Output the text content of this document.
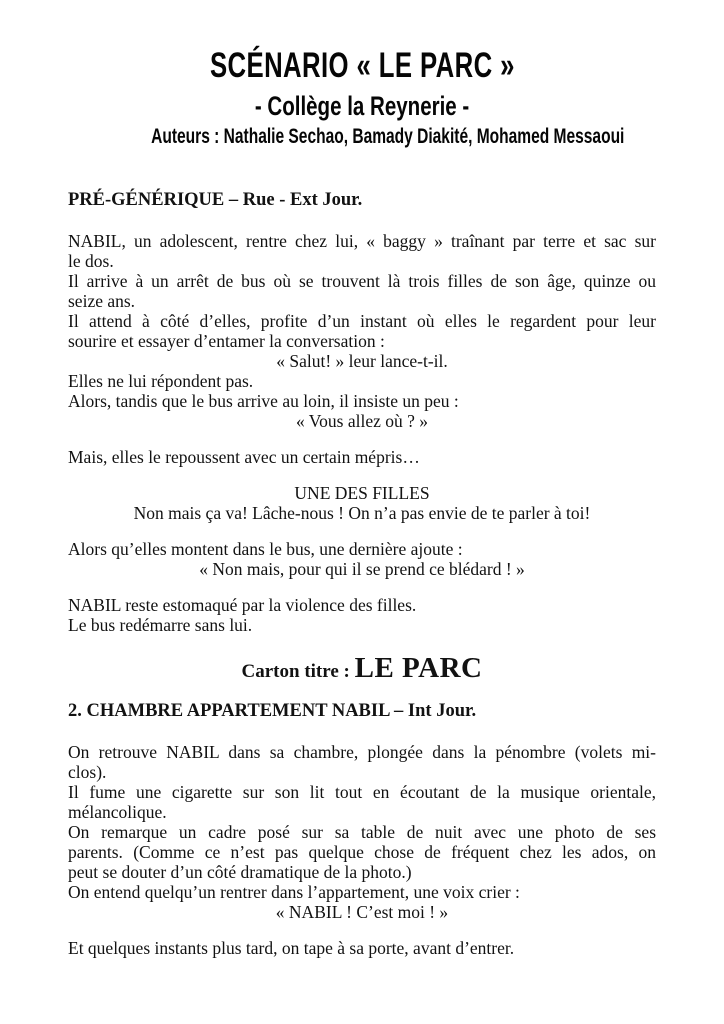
SCÉNARIO « LE PARC »
- Collège la Reynerie -
Auteurs : Nathalie Sechao, Bamady Diakité, Mohamed Messaoui
PRÉ-GÉNÉRIQUE – Rue - Ext Jour.
NABIL, un adolescent, rentre chez lui, « baggy » traînant par terre et sac sur
le dos.
Il arrive à un arrêt de bus où se trouvent là trois filles de son âge, quinze ou
seize ans.
Il attend à côté d’elles, profite d’un instant où elles le regardent pour leur
sourire et essayer d’entamer la conversation :
« Salut! » leur lance-t-il.
Elles ne lui répondent pas.
Alors, tandis que le bus arrive au loin, il insiste un peu :
« Vous allez où ? »
Mais, elles le repoussent avec un certain mépris…
UNE DES FILLES
Non mais ça va! Lâche-nous ! On n’a pas envie de te parler à toi!
Alors qu’elles montent dans le bus, une dernière ajoute :
« Non mais, pour qui il se prend ce blédard ! »
NABIL reste estomaqué par la violence des filles.
Le bus redémarre sans lui.
Carton titre : LE PARC
2. CHAMBRE APPARTEMENT NABIL – Int Jour.
On retrouve NABIL dans sa chambre, plongée dans la pénombre (volets mi-
clos).
Il fume une cigarette sur son lit tout en écoutant de la musique orientale,
mélancolique.
On remarque un cadre posé sur sa table de nuit avec une photo de ses
parents. (Comme ce n’est pas quelque chose de fréquent chez les ados, on
peut se douter d’un côté dramatique de la photo.)
On entend quelqu’un rentrer dans l’appartement, une voix crier :
« NABIL ! C’est moi ! »
Et quelques instants plus tard, on tape à sa porte, avant d’entrer.
